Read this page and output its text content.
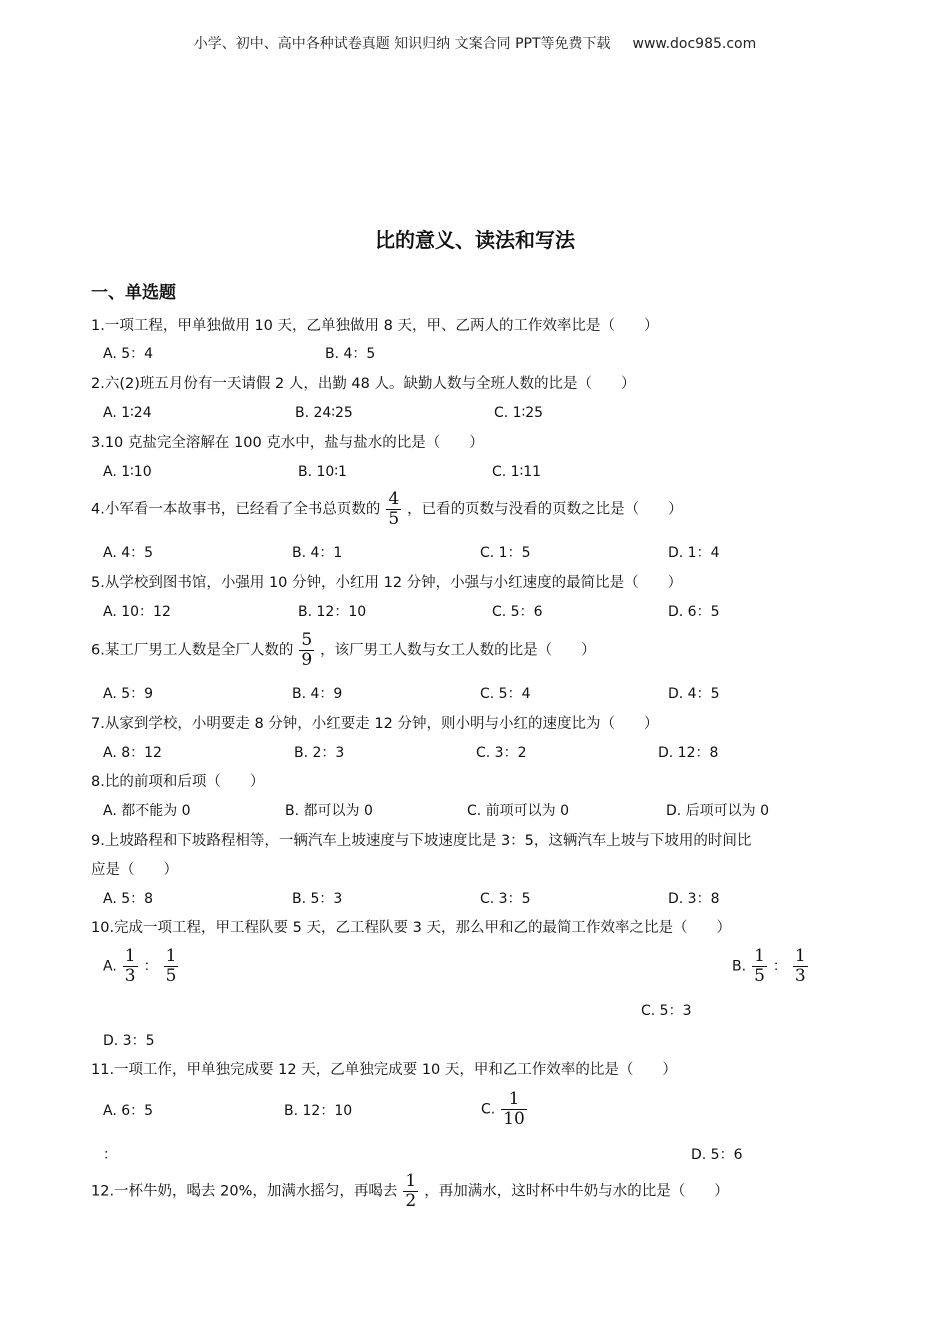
小学、初中、高中各种试卷真题 知识归纳 文案合同 PPT等免费下载 www.doc985.com
比的意义、读法和写法
一、单选题
1.一项工程，甲单独做用 10 天，乙单独做用 8 天，甲、乙两人的工作效率比是（　　）
A. 5：4	B. 4：5
2.六(2)班五月份有一天请假 2 人，出勤 48 人。缺勤人数与全班人数的比是（　　）
A. 1∶24	B. 24∶25	C. 1∶25
3.10 克盐完全溶解在 100 克水中，盐与盐水的比是（　　）
A. 1∶10	B. 10∶1	C. 1∶11
4.小军看一本故事书，已经看了全书总页数的 $\frac{4}{5}$ ，已看的页数与没看的页数之比是（　　）
A. 4：5	B. 4：1	C. 1：5	D. 1：4
5.从学校到图书馆，小强用 10 分钟，小红用 12 分钟，小强与小红速度的最简比是（　　）
A. 10：12	B. 12：10	C. 5：6	D. 6：5
6.某工厂男工人数是全厂人数的 $\frac{5}{9}$ ，该厂男工人数与女工人数的比是（　　）
A. 5：9	B. 4：9	C. 5：4	D. 4：5
7.从家到学校，小明要走 8 分钟，小红要走 12 分钟，则小明与小红的速度比为（　　）
A. 8：12	B. 2：3	C. 3：2	D. 12：8
8.比的前项和后项（　　）
A. 都不能为 0	B. 都可以为 0	C. 前项可以为 0	D. 后项可以为 0
9.上坡路程和下坡路程相等，一辆汽车上坡速度与下坡速度比是 3：5，这辆汽车上坡与下坡用的时间比
应是（　　）
A. 5：8	B. 5：3	C. 3：5	D. 3：8
10.完成一项工程，甲工程队要 5 天，乙工程队要 3 天，那么甲和乙的最简工作效率之比是（　　）
A. $\frac{1}{3}$ ： $\frac{1}{5}$	B. $\frac{1}{5}$ ： $\frac{1}{3}$
C. 5：3
D. 3：5
11.一项工作，甲单独完成要 12 天，乙单独完成要 10 天，甲和乙工作效率的比是（　　）
A. 6：5	B. 12：10	C. $\frac{1}{10}$
：	D. 5：6
12.一杯牛奶，喝去 20%，加满水摇匀，再喝去 $\frac{1}{2}$ ，再加满水，这时杯中牛奶与水的比是（　　）
